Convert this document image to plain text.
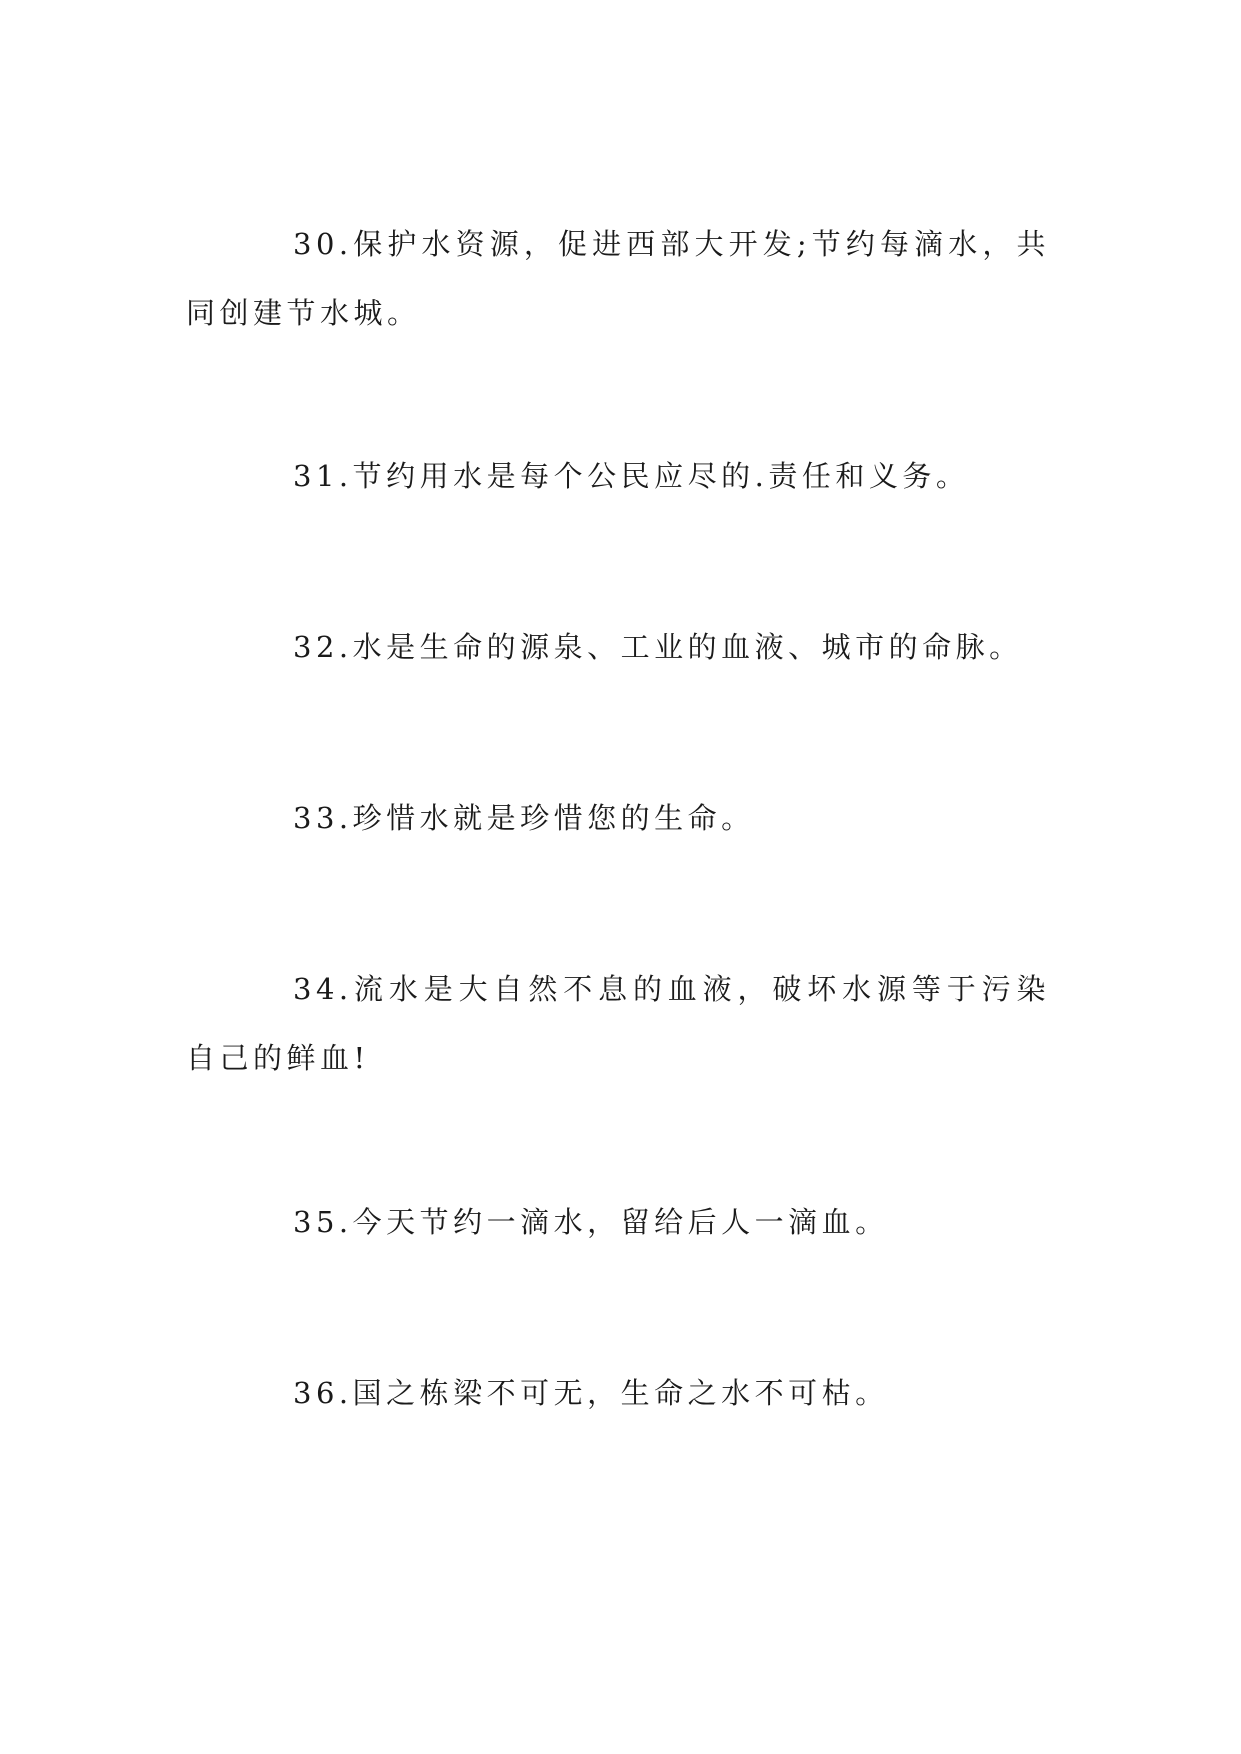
30.保护水资源，促进西部大开发;节约每滴水，共同创建节水城。

31.节约用水是每个公民应尽的.责任和义务。

32.水是生命的源泉、工业的血液、城市的命脉。

33.珍惜水就是珍惜您的生命。

34.流水是大自然不息的血液，破坏水源等于污染自己的鲜血!

35.今天节约一滴水，留给后人一滴血。

36.国之栋梁不可无，生命之水不可枯。
